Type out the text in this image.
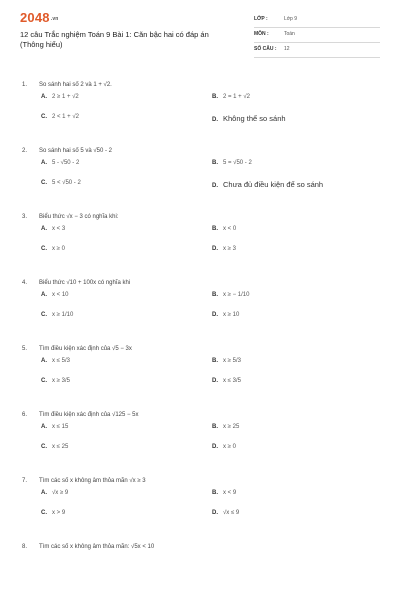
2048.vn
12 câu Trắc nghiệm Toán 9 Bài 1: Căn bậc hai có đáp án
(Thông hiểu)
LỚP :	Lớp 9
MÔN :	Toán
SỐ CÂU : 12
1.	So sánh hai số 2 và 1 + √2.
A. 2 ≥ 1 + √2	B. 2 = 1 + √2
C. 2 < 1 + √2	D. Không thể so sánh
2.	So sánh hai số 5 và √50 - 2
A. 5 - √50 - 2	B. 5 = √50 - 2
C. 5 < √50 - 2	D. Chưa đủ điều kiện để so sánh
3.	Biểu thức √x − 3 có nghĩa khi:
A. x < 3	B. x < 0
C. x ≥ 0	D. x ≥ 3
4.	Biểu thức √10 + 100x có nghĩa khi
A. x < 10	B. x ≥ − 1/10
C. x ≥ 1/10	D. x ≥ 10
5.	Tìm điều kiện xác định của √5 − 3x
A. x ≤ 5/3	B. x ≥ 5/3
C. x ≥ 3/5	D. x ≤ 3/5
6.	Tìm điều kiện xác định của √125 − 5x
A. x ≤ 15	B. x ≥ 25
C. x ≤ 25	D. x ≥ 0
7.	Tìm các số x không âm thỏa mãn √x ≥ 3
A. √x ≥ 9	B. x < 9
C. x > 9	D. √x ≤ 9
8.	Tìm các số x không âm thỏa mãn: √5x < 10
